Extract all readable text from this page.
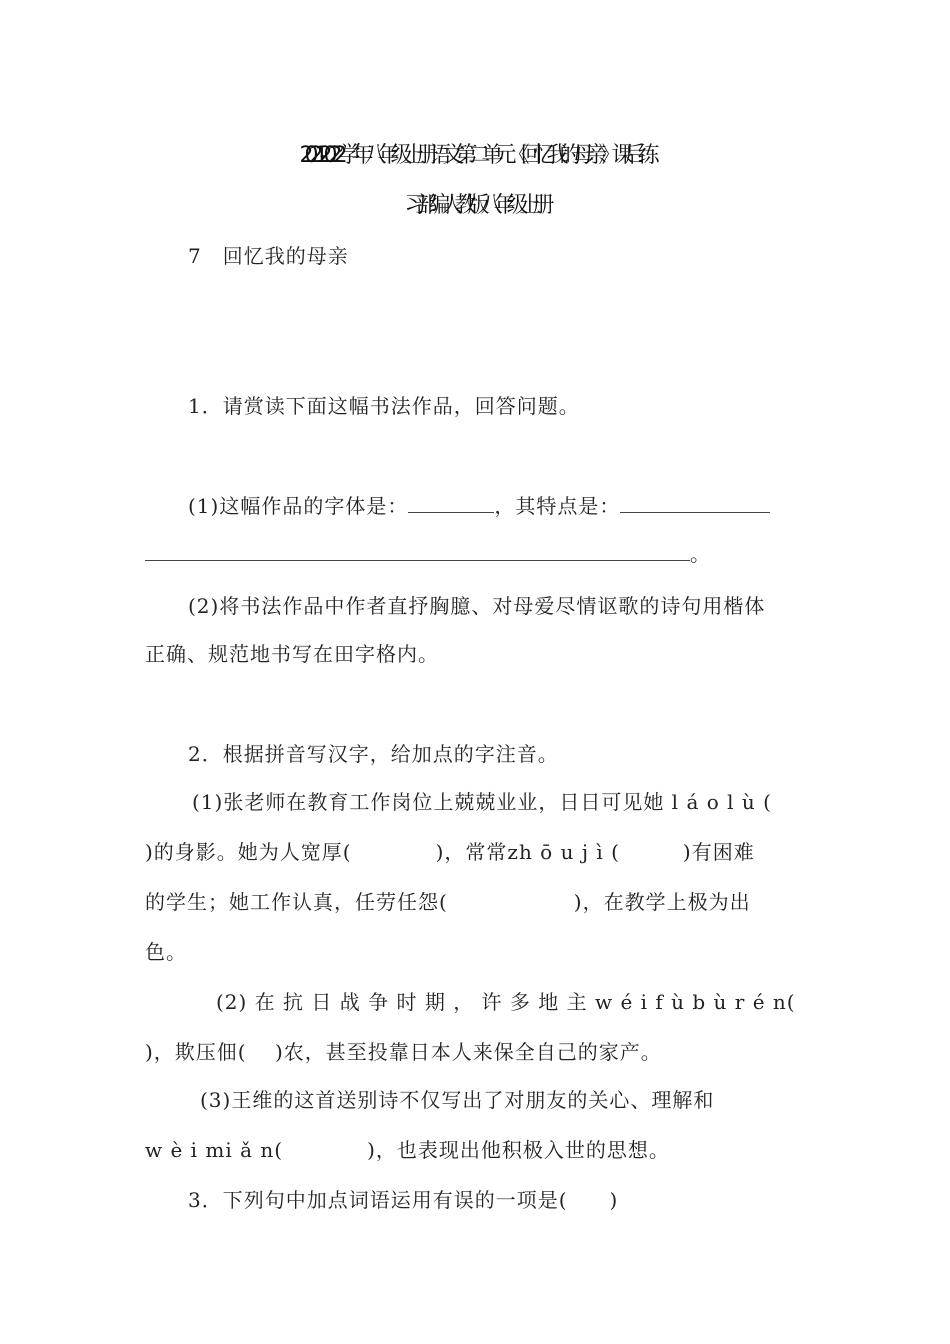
2021-2022学年八年级上册语文第二单元《回忆我的母亲》课后练
习 部编人教版八年级上册
7　回忆我的母亲
1．请赏读下面这幅书法作品，回答问题。
(1)这幅作品的字体是：	，其特点是：
。
(2)将书法作品中作者直抒胸臆、对母爱尽情讴歌的诗句用楷体
正确、规范地书写在田字格内。
2．根据拼音写汉字，给加点的字注音。
(1)张老师在教育工作岗位上兢兢业业，日日可见她 l á o l ù (
)的身影。她为人宽厚(　　　　)，常常zh ō u j ì (　　　)有困难
的学生；她工作认真，任劳任怨(　　　　　　)，在教学上极为出
色。
(2) 在 抗 日 战 争 时 期 ， 许 多 地 主 w é i f ù b ù r é n(
)，欺压佃(　 )农，甚至投靠日本人来保全自己的家产。
(3)王维的这首送别诗不仅写出了对朋友的关心、理解和
w è i mi ǎ n(　　　　)，也表现出他积极入世的思想。
3．下列句中加点词语运用有误的一项是(　　)
